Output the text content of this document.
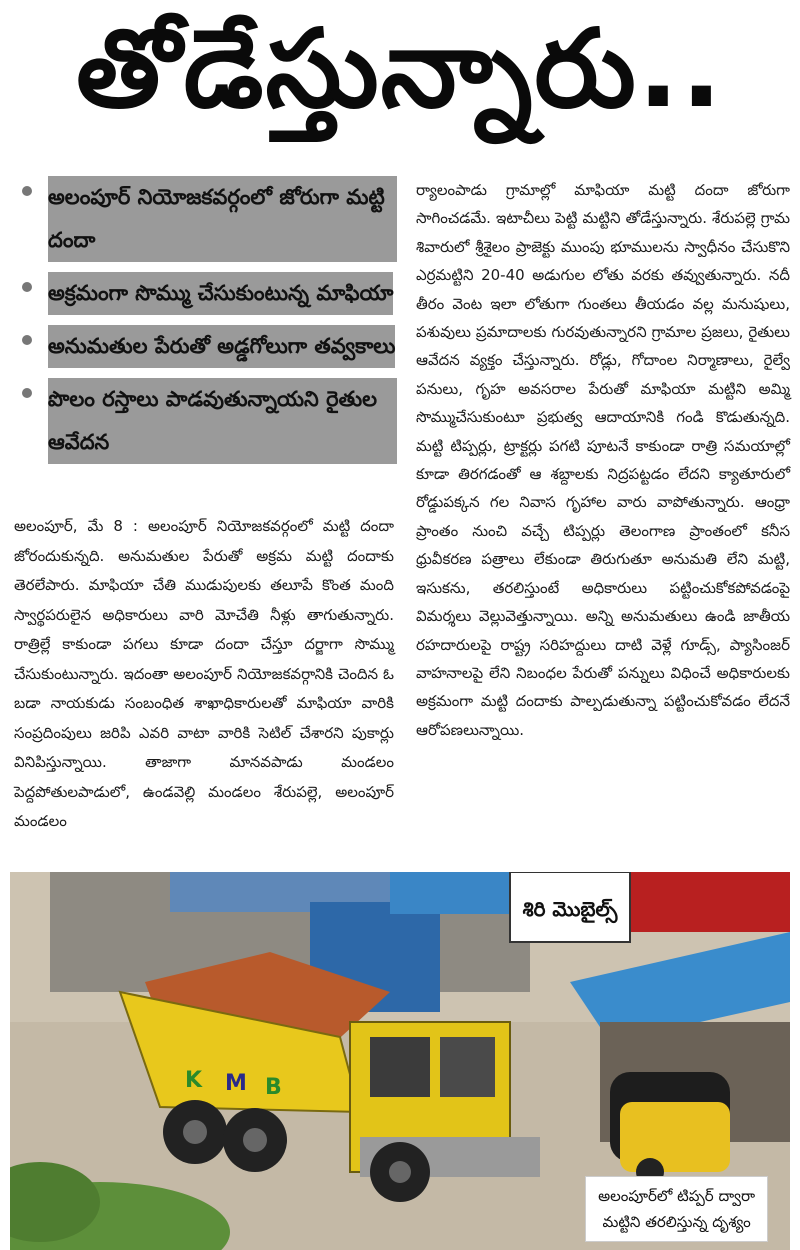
తోడేస్తున్నారు..
అలంపూర్ నియోజకవర్గంలో జోరుగా మట్టి దందా
అక్రమంగా సొమ్ము చేసుకుంటున్న మాఫియా
అనుమతుల పేరుతో అడ్డగోలుగా తవ్వకాలు
పొలం రస్తాలు పాడవుతున్నాయని రైతుల ఆవేదన
అలంపూర్, మే 8 : అలంపూర్ నియోజకవర్గంలో మట్టి దందా జోరందుకున్నది. అనుమతుల పేరుతో అక్రమ మట్టి దందాకు తెరలేపారు. మాఫియా చేతి ముడుపులకు తలూపే కొంత మంది స్వార్థపరులైన అధికారులు వారి మోచేతి నీళ్లు తాగుతున్నారు. రాత్రిల్లే కాకుండా పగలు కూడా దందా చేస్తూ దర్జాగా సొమ్ము చేసుకుంటున్నారు. ఇదంతా అలంపూర్ నియోజకవర్గానికి చెందిన ఓ బడా నాయకుడు సంబంధిత శాఖాధికారులతో మాఫియా వారికి సంప్రదింపులు జరిపి ఎవరి వాటా వారికి సెటిల్ చేశారని పుకార్లు వినిపిస్తున్నాయి. తాజాగా మానవపాడు మండలం పెద్దపోతులపాడులో, ఉండవెల్లి మండలం శేరుపల్లె, అలంపూర్ మండలం
ర్యాలంపాడు గ్రామాల్లో మాఫియా మట్టి దందా జోరుగా సాగించడమే. ఇటాచీలు పెట్టి మట్టిని తోడేస్తున్నారు. శేరుపల్లె గ్రామ శివారులో శ్రీశైలం ప్రాజెక్టు ముంపు భూములను స్వాధీనం చేసుకొని ఎర్రమట్టిని 20-40 అడుగుల లోతు వరకు తవ్వుతున్నారు. నదీ తీరం వెంట ఇలా లోతుగా గుంతలు తీయడం వల్ల మనుషులు, పశువులు ప్రమాదాలకు గురవుతున్నారని గ్రామాల ప్రజలు, రైతులు ఆవేదన వ్యక్తం చేస్తున్నారు. రోడ్లు, గోదాంల నిర్మాణాలు, రైల్వే పనులు, గృహ అవసరాల పేరుతో మాఫియా మట్టిని అమ్మి సొమ్ముచేసుకుంటూ ప్రభుత్వ ఆదాయానికి గండి కొడుతున్నది. మట్టి టిప్పర్లు, ట్రాక్టర్లు పగటి పూటనే కాకుండా రాత్రి సమయాల్లో కూడా తిరగడంతో ఆ శబ్దాలకు నిద్రపట్టడం లేదని క్యాతూరులో రోడ్డుపక్కన గల నివాస గృహాల వారు వాపోతున్నారు. ఆంధ్రా ప్రాంతం నుంచి వచ్చే టిప్పర్లు తెలంగాణ ప్రాంతంలో కనీస ధ్రువీకరణ పత్రాలు లేకుండా తిరుగుతూ అనుమతి లేని మట్టి, ఇసుకను, తరలిస్తుంటే అధికారులు పట్టించుకోకపోవడంపై విమర్శలు వెల్లువెత్తున్నాయి. అన్ని అనుమతులు ఉండి జాతీయ రహదారులపై రాష్ట్ర సరిహద్దులు దాటి వెళ్లే గూడ్స్, ప్యాసింజర్ వాహనాలపై లేని నిబంధల పేరుతో పన్నులు విధించే అధికారులకు అక్రమంగా మట్టి దందాకు పాల్పడుతున్నా పట్టించుకోవడం లేదనే ఆరోపణలున్నాయి.
శిరి మొబైల్స్
K M B
అలంపూర్‌లో టిప్పర్ ద్వారా
మట్టిని తరలిస్తున్న దృశ్యం
